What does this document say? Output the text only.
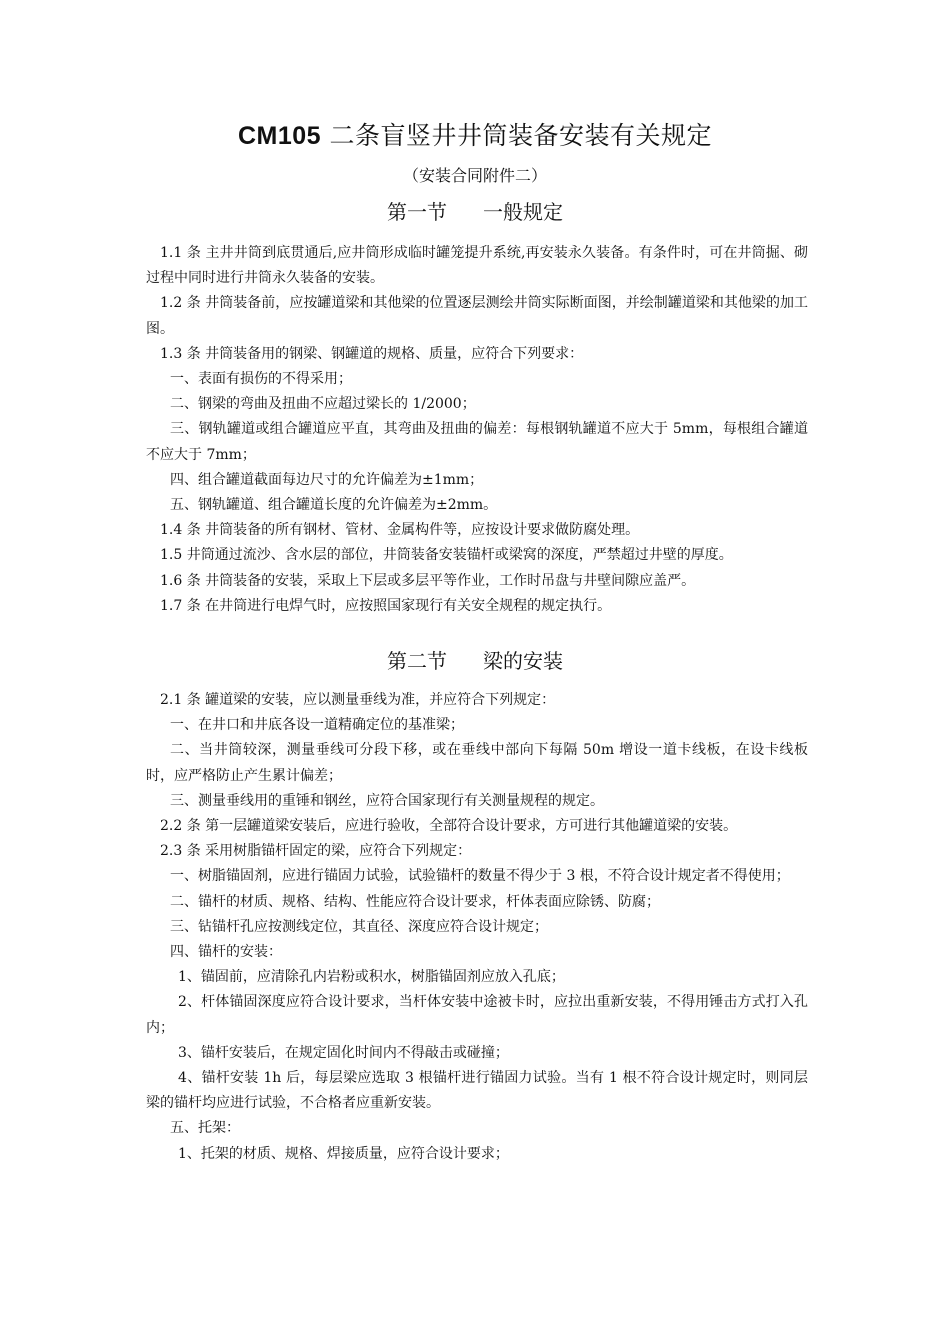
CM105 二条盲竖井井筒装备安装有关规定
（安装合同附件二）
第一节 一般规定

1.1 条 主井井筒到底贯通后,应井筒形成临时罐笼提升系统,再安装永久装备。有条件时，可在井筒掘、砌过程中同时进行井筒永久装备的安装。

1.2 条 井筒装备前，应按罐道梁和其他梁的位置逐层测绘井筒实际断面图，并绘制罐道梁和其他梁的加工图。

1.3 条 井筒装备用的钢梁、钢罐道的规格、质量，应符合下列要求：

一、表面有损伤的不得采用；

二、钢梁的弯曲及扭曲不应超过梁长的 1/2000；

三、钢轨罐道或组合罐道应平直，其弯曲及扭曲的偏差：每根钢轨罐道不应大于 5mm，每根组合罐道不应大于 7mm；

四、组合罐道截面每边尺寸的允许偏差为±1mm；

五、钢轨罐道、组合罐道长度的允许偏差为±2mm。

1.4 条 井筒装备的所有钢材、管材、金属构件等，应按设计要求做防腐处理。

1.5 井筒通过流沙、含水层的部位，井筒装备安装锚杆或梁窝的深度，严禁超过井壁的厚度。

1.6 条 井筒装备的安装，采取上下层或多层平等作业，工作时吊盘与井壁间隙应盖严。

1.7 条 在井筒进行电焊气时，应按照国家现行有关安全规程的规定执行。

第二节 梁的安装

2.1 条 罐道梁的安装，应以测量垂线为准，并应符合下列规定：

一、在井口和井底各设一道精确定位的基准梁；

二、当井筒较深，测量垂线可分段下移，或在垂线中部向下每隔 50m 增设一道卡线板，在设卡线板时，应严格防止产生累计偏差；

三、测量垂线用的重锤和钢丝，应符合国家现行有关测量规程的规定。

2.2 条 第一层罐道梁安装后，应进行验收，全部符合设计要求，方可进行其他罐道梁的安装。

2.3 条 采用树脂锚杆固定的梁，应符合下列规定：

一、树脂锚固剂，应进行锚固力试验，试验锚杆的数量不得少于 3 根，不符合设计规定者不得使用；

二、锚杆的材质、规格、结构、性能应符合设计要求，杆体表面应除锈、防腐；

三、钻锚杆孔应按测线定位，其直径、深度应符合设计规定；

四、锚杆的安装：

1、锚固前，应清除孔内岩粉或积水，树脂锚固剂应放入孔底；

2、杆体锚固深度应符合设计要求，当杆体安装中途被卡时，应拉出重新安装，不得用锤击方式打入孔内；

3、锚杆安装后，在规定固化时间内不得敲击或碰撞；

4、锚杆安装 1h 后，每层梁应选取 3 根锚杆进行锚固力试验。当有 1 根不符合设计规定时，则同层梁的锚杆均应进行试验，不合格者应重新安装。

五、托架：

1、托架的材质、规格、焊接质量，应符合设计要求；
